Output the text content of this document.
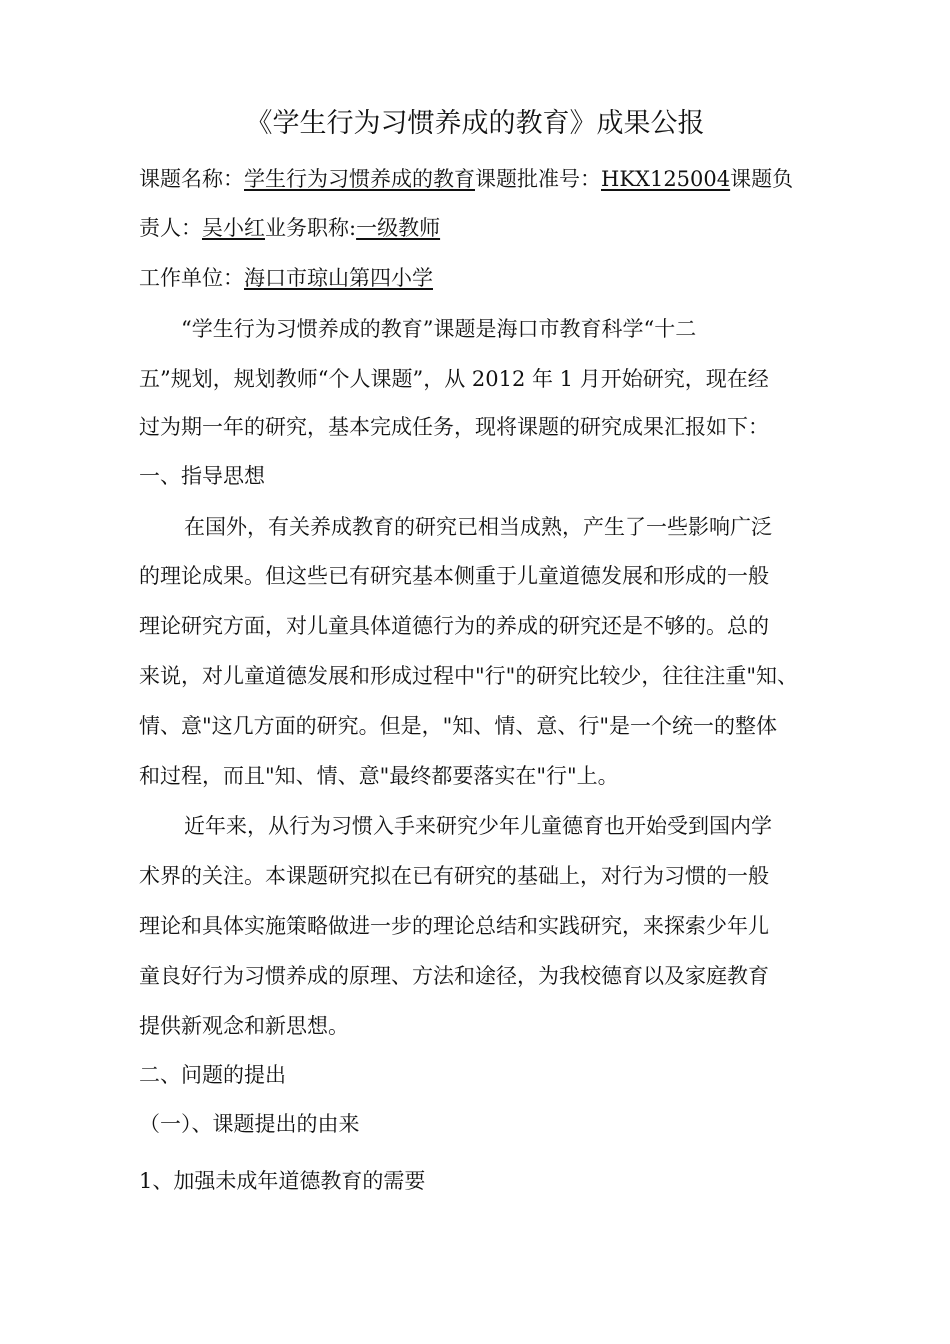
《学生行为习惯养成的教育》成果公报
课题名称：学生行为习惯养成的教育课题批准号：HKX125004课题负
责人：吴小红业务职称:一级教师
工作单位：海口市琼山第四小学
“学生行为习惯养成的教育”课题是海口市教育科学“十二
五”规划，规划教师“个人课题”，从 2012 年 1 月开始研究，现在经
过为期一年的研究，基本完成任务，现将课题的研究成果汇报如下：
一、指导思想
在国外，有关养成教育的研究已相当成熟，产生了一些影响广泛
的理论成果。但这些已有研究基本侧重于儿童道德发展和形成的一般
理论研究方面，对儿童具体道德行为的养成的研究还是不够的。总的
来说，对儿童道德发展和形成过程中"行"的研究比较少，往往注重"知、
情、意"这几方面的研究。但是，"知、情、意、行"是一个统一的整体
和过程，而且"知、情、意"最终都要落实在"行"上。
近年来，从行为习惯入手来研究少年儿童德育也开始受到国内学
术界的关注。本课题研究拟在已有研究的基础上，对行为习惯的一般
理论和具体实施策略做进一步的理论总结和实践研究，来探索少年儿
童良好行为习惯养成的原理、方法和途径，为我校德育以及家庭教育
提供新观念和新思想。
二、问题的提出
（一）、课题提出的由来
1、加强未成年道德教育的需要
